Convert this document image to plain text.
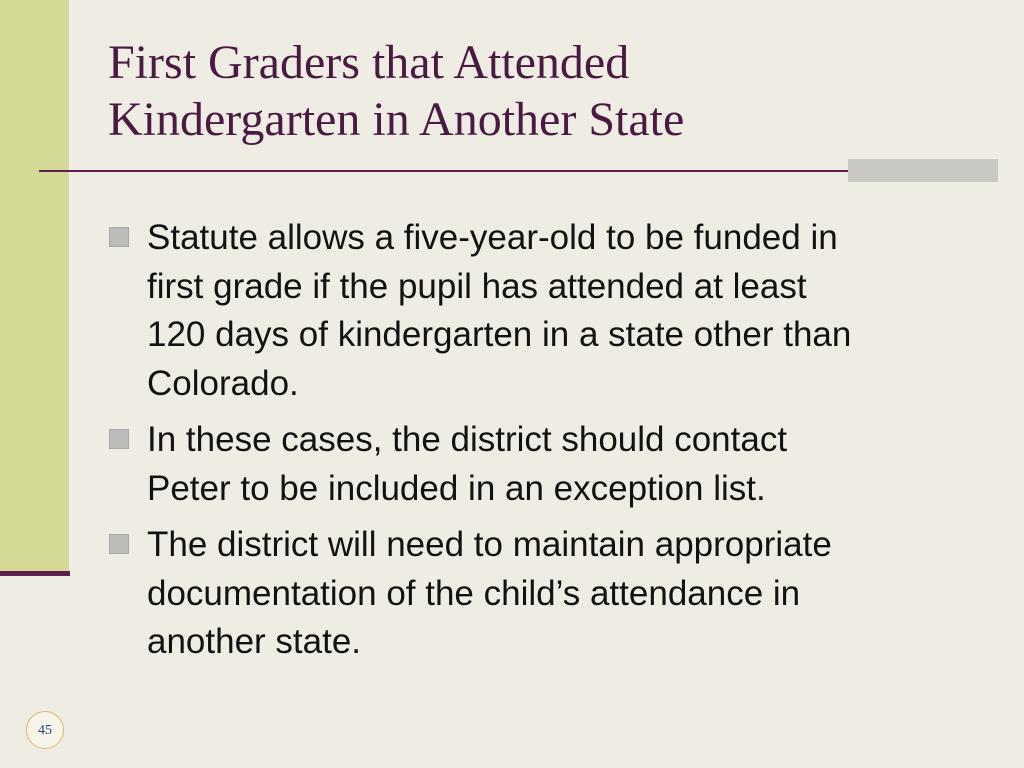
First Graders that Attended
Kindergarten in Another State
Statute allows a five-year-old to be funded in
first grade if the pupil has attended at least
120 days of kindergarten in a state other than
Colorado.
In these cases, the district should contact
Peter to be included in an exception list.
The district will need to maintain appropriate
documentation of the child’s attendance in
another state.
45
